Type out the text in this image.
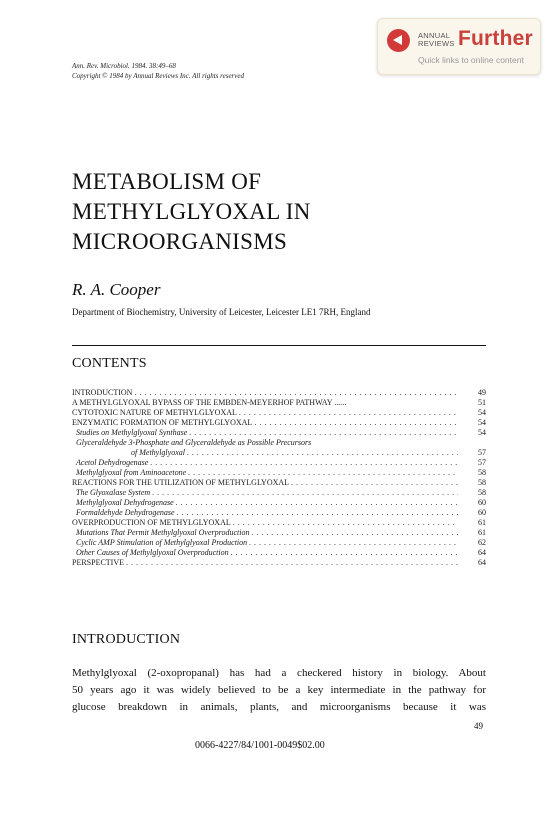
ANNUAL
REVIEWS Further
Quick links to online content
Ann. Rev. Microbiol. 1984. 38:49–68
Copyright © 1984 by Annual Reviews Inc. All rights reserved
METABOLISM OF
METHYLGLYOXAL IN
MICROORGANISMS
R. A. Cooper
Department of Biochemistry, University of Leicester, Leicester LE1 7RH, England
CONTENTS
INTRODUCTION . . .	49
A METHYLGLYOXAL BYPASS OF THE EMBDEN-MEYERHOF PATHWAY ......	51
CYTOTOXIC NATURE OF METHYLGLYOXAL . . .	54
ENZYMATIC FORMATION OF METHYLGLYOXAL . . .	54
Studies on Methylglyoxal Synthase . . .	54
Glyceraldehyde 3-Phosphate and Glyceraldehyde as Possible Precursors
of Methylglyoxal . . .	57
Acetol Dehydrogenase . . .	57
Methylglyoxal from Aminoacetone . . .	58
REACTIONS FOR THE UTILIZATION OF METHYLGLYOXAL . . .	58
The Glyoxalase System . . .	58
Methylglyoxal Dehydrogenase . . .	60
Formaldehyde Dehydrogenase . . .	60
OVERPRODUCTION OF METHYLGLYOXAL . . .	61
Mutations That Permit Methylglyoxal Overproduction . . .	61
Cyclic AMP Stimulation of Methylglyoxal Production . . .	62
Other Causes of Methylglyoxal Overproduction . . .	64
PERSPECTIVE . . .	64
INTRODUCTION
Methylglyoxal (2-oxopropanal) has had a checkered history in biology. About
50 years ago it was widely believed to be a key intermediate in the pathway for
glucose breakdown in animals, plants, and microorganisms because it was
49
0066-4227/84/1001-0049$02.00
